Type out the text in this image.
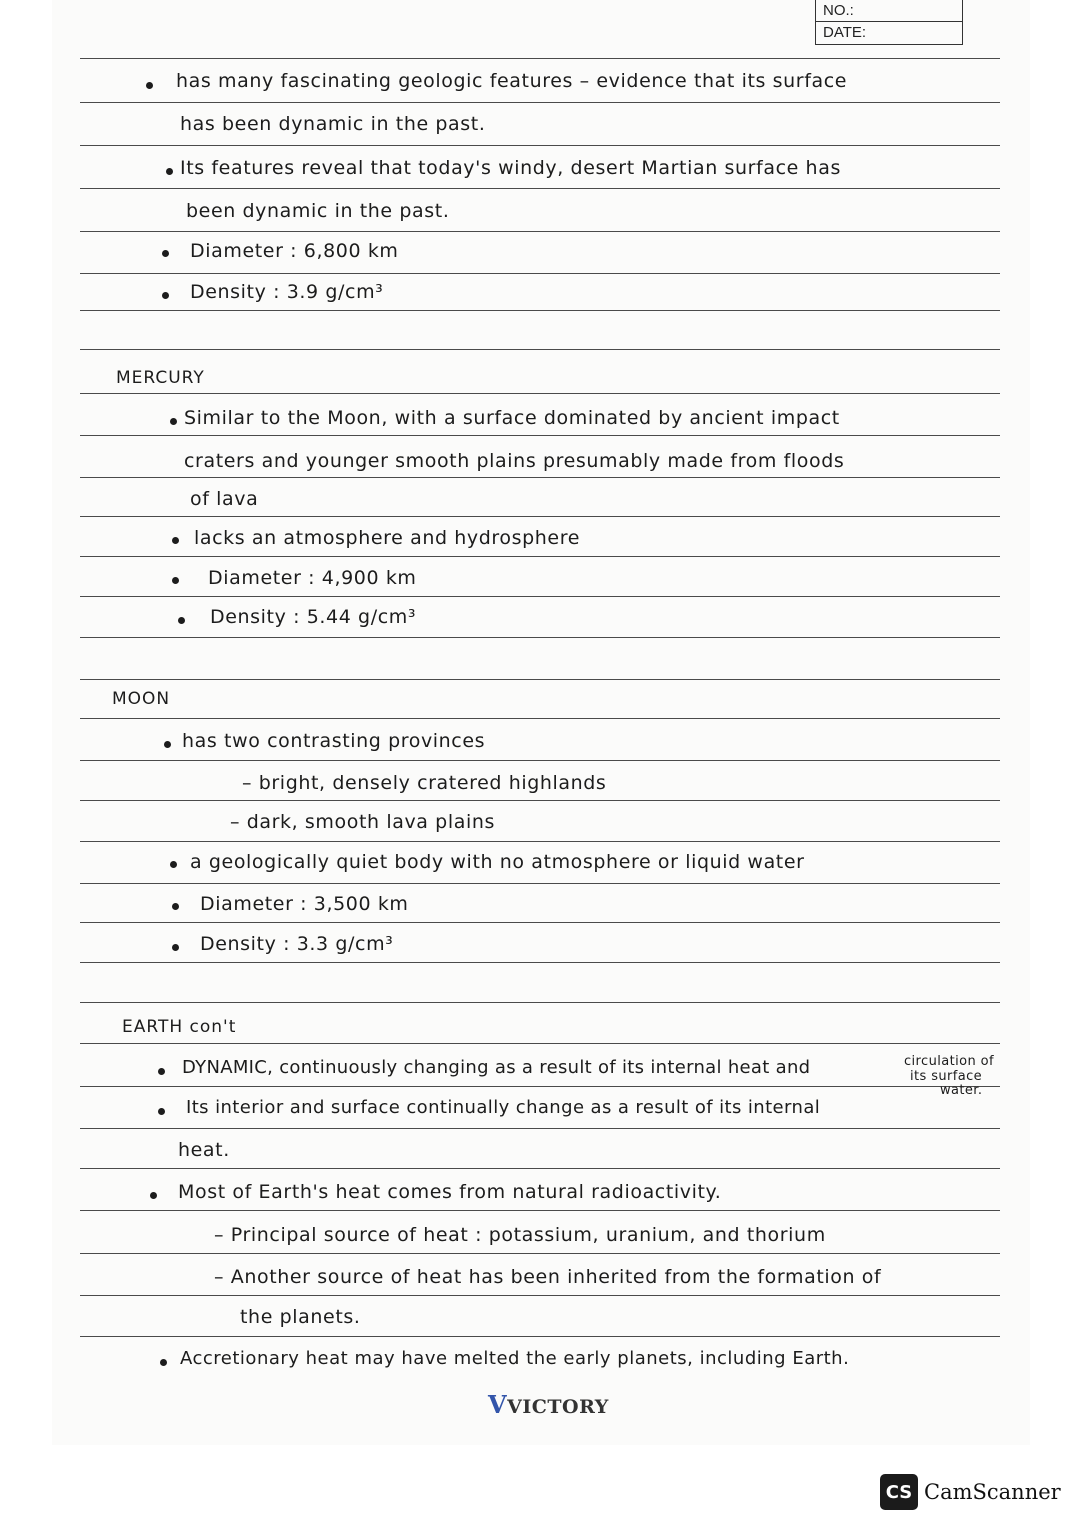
NO.:
DATE:
has many fascinating geologic features – evidence that its surface
has been dynamic in the past.
Its features reveal that today's windy, desert Martian surface has
been dynamic in the past.
Diameter : 6,800 km
Density : 3.9 g/cm³
MERCURY
Similar to the Moon, with a surface dominated by ancient impact
craters and younger smooth plains presumably made from floods
of lava
lacks an atmosphere and hydrosphere
Diameter : 4,900 km
Density : 5.44 g/cm³
MOON
has two contrasting provinces
– bright, densely cratered highlands
– dark, smooth lava plains
a geologically quiet body with no atmosphere or liquid water
Diameter : 3,500 km
Density : 3.3 g/cm³
EARTH con't
DYNAMIC, continuously changing as a result of its internal heat and	circulation of
its surface
water.
Its interior and surface continually change as a result of its internal
heat.
Most of Earth's heat comes from natural radioactivity.
– Principal source of heat : potassium, uranium, and thorium
– Another source of heat has been inherited from the formation of
the planets.
Accretionary heat may have melted the early planets, including Earth.
VVICTORY
CS CamScanner
